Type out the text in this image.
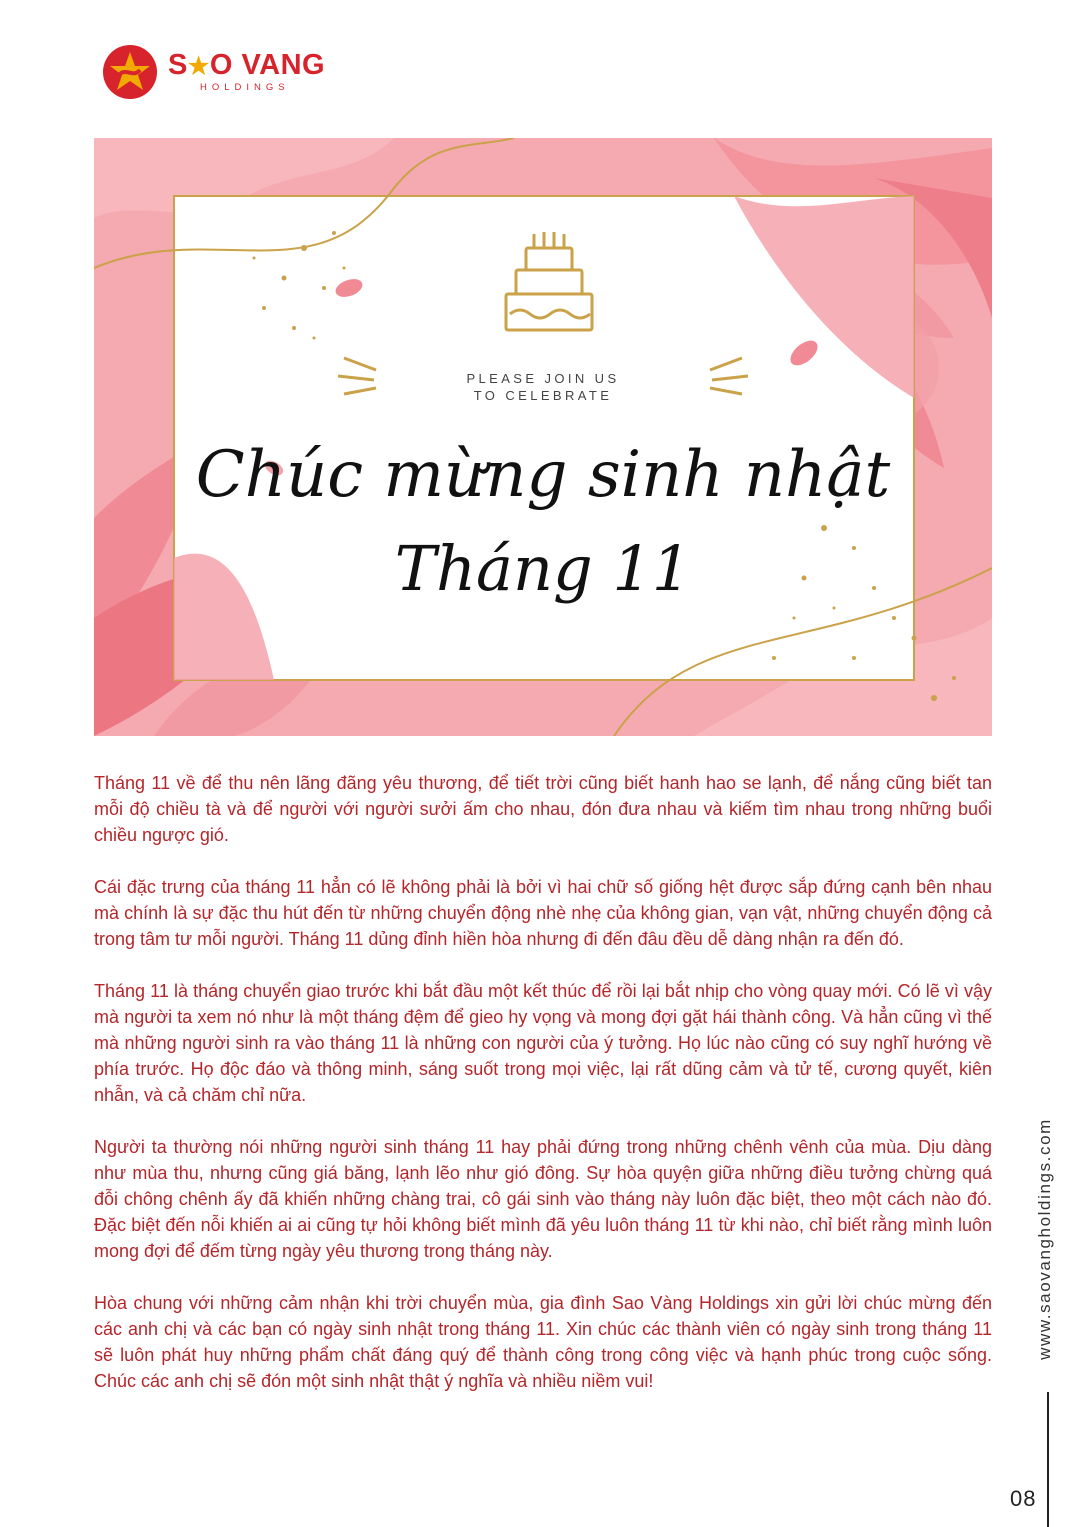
S★O VANG
HOLDINGS
PLEASE JOIN US
TO CELEBRATE
Chúc mừng sinh nhật
Tháng 11

Tháng 11 về để thu nên lãng đãng yêu thương, để tiết trời cũng biết hanh hao se lạnh, để nắng cũng biết tan mỗi độ chiều tà và để người với người sưởi ấm cho nhau, đón đưa nhau và kiếm tìm nhau trong những buổi chiều ngược gió.

Cái đặc trưng của tháng 11 hẳn có lẽ không phải là bởi vì hai chữ số giống hệt được sắp đứng cạnh bên nhau mà chính là sự đặc thu hút đến từ những chuyển động nhè nhẹ của không gian, vạn vật, những chuyển động cả trong tâm tư mỗi người. Tháng 11 dủng đỉnh hiền hòa nhưng đi đến đâu đều dễ dàng nhận ra đến đó.

Tháng 11 là tháng chuyển giao trước khi bắt đầu một kết thúc để rồi lại bắt nhịp cho vòng quay mới. Có lẽ vì vậy mà người ta xem nó như là một tháng đệm để gieo hy vọng và mong đợi gặt hái thành công. Và hẳn cũng vì thế mà những người sinh ra vào tháng 11 là những con người của ý tưởng. Họ lúc nào cũng có suy nghĩ hướng về phía trước. Họ độc đáo và thông minh, sáng suốt trong mọi việc, lại rất dũng cảm và tử tế, cương quyết, kiên nhẫn, và cả chăm chỉ nữa.

Người ta thường nói những người sinh tháng 11 hay phải đứng trong những chênh vênh của mùa. Dịu dàng như mùa thu, nhưng cũng giá băng, lạnh lẽo như gió đông. Sự hòa quyện giữa những điều tưởng chừng quá đỗi chông chênh ấy đã khiến những chàng trai, cô gái sinh vào tháng này luôn đặc biệt, theo một cách nào đó. Đặc biệt đến nỗi khiến ai ai cũng tự hỏi không biết mình đã yêu luôn tháng 11 từ khi nào, chỉ biết rằng mình luôn mong đợi để đếm từng ngày yêu thương trong tháng này.

Hòa chung với những cảm nhận khi trời chuyển mùa, gia đình Sao Vàng Holdings xin gửi lời chúc mừng đến các anh chị và các bạn có ngày sinh nhật trong tháng 11. Xin chúc các thành viên có ngày sinh trong tháng 11 sẽ luôn phát huy những phẩm chất đáng quý để thành công trong công việc và hạnh phúc trong cuộc sống. Chúc các anh chị sẽ đón một sinh nhật thật ý nghĩa và nhiều niềm vui!

www.saovangholdings.com
08
